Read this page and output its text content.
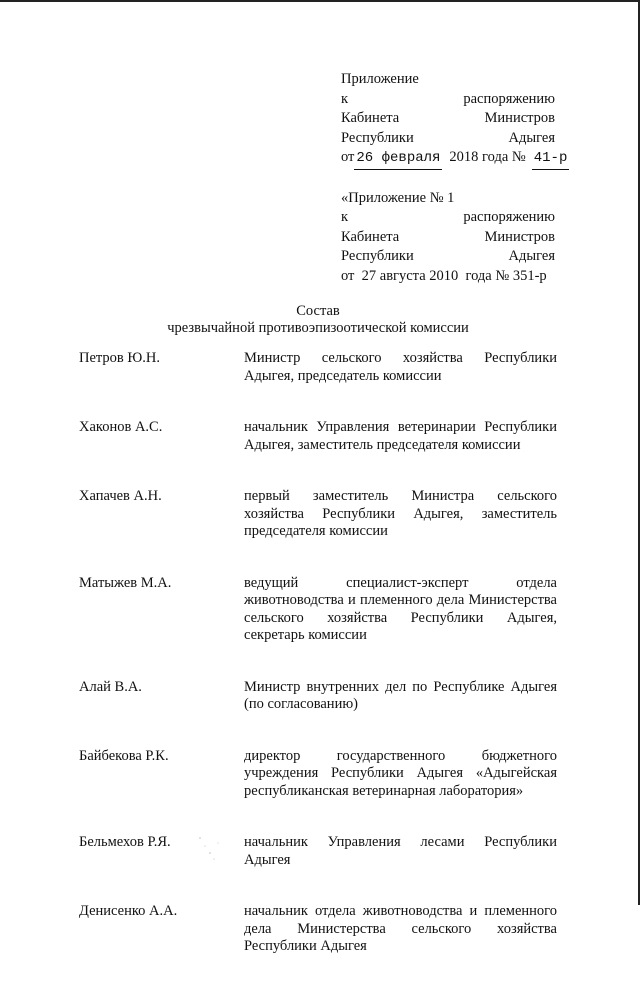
Приложение
к	распоряжению
Кабинета	Министров
Республики	Адыгея
от 26 февраля 2018 года № 41-р
«Приложение № 1
к	распоряжению
Кабинета	Министров
Республики	Адыгея
от  27 августа 2010  года № 351-р
Состав
чрезвычайной противоэпизоотической комиссии
Петров Ю.Н.	Министр сельского хозяйства Республики Адыгея, председатель комиссии
Хаконов А.С.	начальник Управления ветеринарии Республики Адыгея, заместитель председателя комиссии
Хапачев А.Н.	первый заместитель Министра сельского хозяйства Республики Адыгея, заместитель председателя комиссии
Матыжев М.А.	ведущий специалист-эксперт отдела животноводства и племенного дела Министерства сельского хозяйства Республики Адыгея, секретарь комиссии
Алай В.А.	Министр внутренних дел по Республике Адыгея (по согласованию)
Байбекова Р.К.	директор государственного бюджетного учреждения Республики Адыгея «Адыгейская республиканская ветеринарная лаборатория»
Бельмехов Р.Я.	начальник Управления лесами Республики Адыгея
Денисенко А.А.	начальник отдела животноводства и племенного дела Министерства сельского хозяйства Республики Адыгея
